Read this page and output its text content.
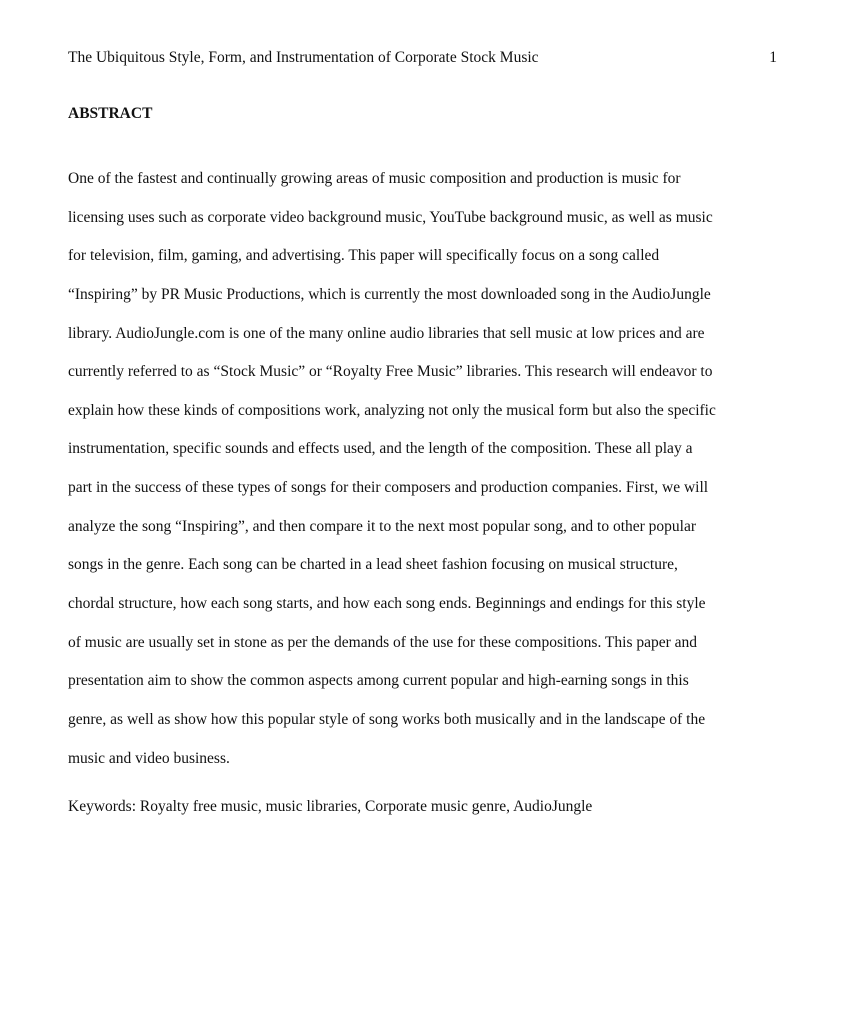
The Ubiquitous Style, Form, and Instrumentation of Corporate Stock Music	1
ABSTRACT
One of the fastest and continually growing areas of music composition and production is music for
licensing uses such as corporate video background music, YouTube background music, as well as music
for television, film, gaming, and advertising. This paper will specifically focus on a song called
“Inspiring” by PR Music Productions, which is currently the most downloaded song in the AudioJungle
library. AudioJungle.com is one of the many online audio libraries that sell music at low prices and are
currently referred to as “Stock Music” or “Royalty Free Music” libraries. This research will endeavor to
explain how these kinds of compositions work, analyzing not only the musical form but also the specific
instrumentation, specific sounds and effects used, and the length of the composition. These all play a
part in the success of these types of songs for their composers and production companies. First, we will
analyze the song “Inspiring”, and then compare it to the next most popular song, and to other popular
songs in the genre. Each song can be charted in a lead sheet fashion focusing on musical structure,
chordal structure, how each song starts, and how each song ends. Beginnings and endings for this style
of music are usually set in stone as per the demands of the use for these compositions. This paper and
presentation aim to show the common aspects among current popular and high-earning songs in this
genre, as well as show how this popular style of song works both musically and in the landscape of the
music and video business.
Keywords: Royalty free music, music libraries, Corporate music genre, AudioJungle
